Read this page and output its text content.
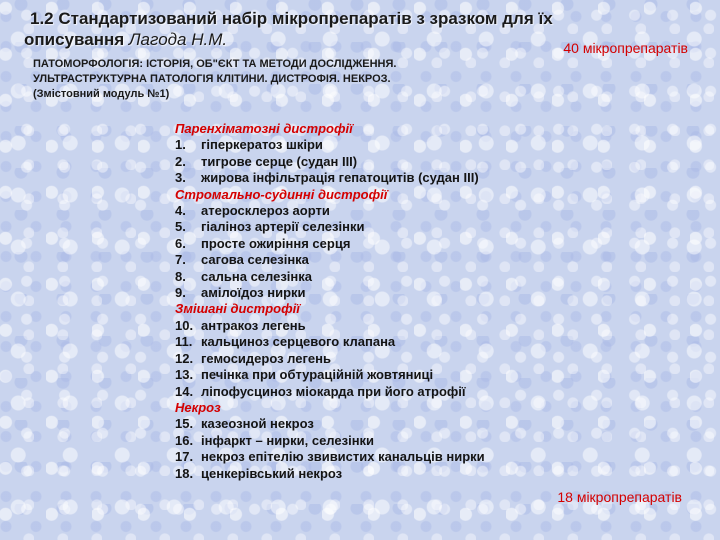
1.2 Стандартизований набір мікропрепаратів з зразком для їх
описування Лагода Н.М.	40 мікропрепаратів
ПАТОМОРФОЛОГІЯ: ІСТОРІЯ, ОБ"ЄКТ ТА МЕТОДИ ДОСЛІДЖЕННЯ.
УЛЬТРАСТРУКТУРНА ПАТОЛОГІЯ КЛІТИНИ. ДИСТРОФІЯ. НЕКРОЗ.
(Змістовний модуль №1)
Паренхіматозні дистрофії
1. гіперкератоз шкіри
2. тигрове серце (судан III)
3. жирова інфільтрація гепатоцитів (судан III)
Стромально-судинні дистрофії
4. атеросклероз аорти
5. гіаліноз артерії селезінки
6. просте ожиріння серця
7. сагова селезінка
8. сальна селезінка
9. амілоїдоз нирки
Змішані дистрофії
10. антракоз легень
11. кальциноз серцевого клапана
12. гемосидероз легень
13. печінка при обтураційній жовтяниці
14. ліпофусциноз міокарда при його атрофії
Некроз
15. казеозной некроз
16. інфаркт – нирки, селезінки
17. некроз епітелію звивистих канальців нирки
18. ценкерівський некроз
18 мікропрепаратів
